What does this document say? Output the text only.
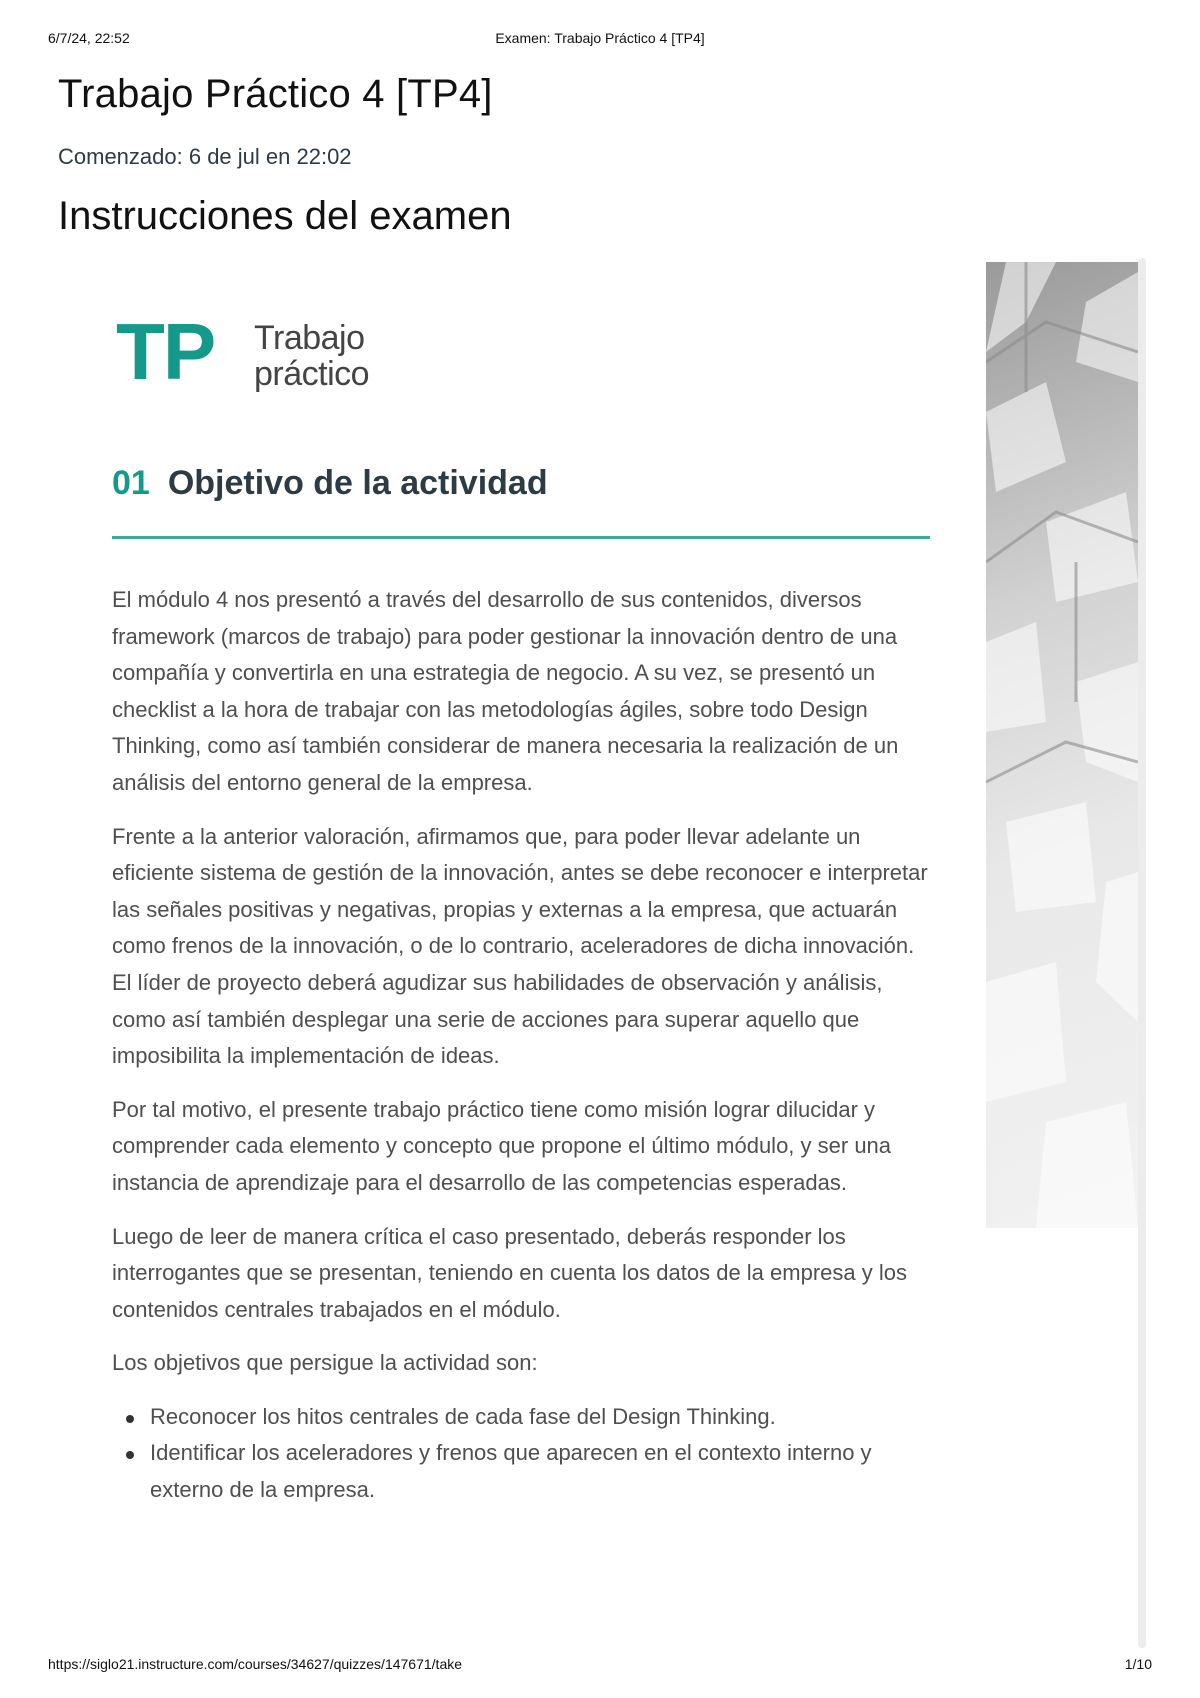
6/7/24, 22:52	Examen: Trabajo Práctico 4 [TP4]
Trabajo Práctico 4 [TP4]
Comenzado: 6 de jul en 22:02
Instrucciones del examen
TP Trabajo
práctico
01 Objetivo de la actividad

El módulo 4 nos presentó a través del desarrollo de sus contenidos, diversos framework (marcos de trabajo) para poder gestionar la innovación dentro de una compañía y convertirla en una estrategia de negocio. A su vez, se presentó un checklist a la hora de trabajar con las metodologías ágiles, sobre todo Design Thinking, como así también considerar de manera necesaria la realización de un análisis del entorno general de la empresa.

Frente a la anterior valoración, afirmamos que, para poder llevar adelante un eficiente sistema de gestión de la innovación, antes se debe reconocer e interpretar las señales positivas y negativas, propias y externas a la empresa, que actuarán como frenos de la innovación, o de lo contrario, aceleradores de dicha innovación. El líder de proyecto deberá agudizar sus habilidades de observación y análisis, como así también desplegar una serie de acciones para superar aquello que imposibilita la implementación de ideas.

Por tal motivo, el presente trabajo práctico tiene como misión lograr dilucidar y comprender cada elemento y concepto que propone el último módulo, y ser una instancia de aprendizaje para el desarrollo de las competencias esperadas.

Luego de leer de manera crítica el caso presentado, deberás responder los interrogantes que se presentan, teniendo en cuenta los datos de la empresa y los contenidos centrales trabajados en el módulo.

Los objetivos que persigue la actividad son:

Reconocer los hitos centrales de cada fase del Design Thinking.
Identificar los aceleradores y frenos que aparecen en el contexto interno y externo de la empresa.
https://siglo21.instructure.com/courses/34627/quizzes/147671/take	1/10
